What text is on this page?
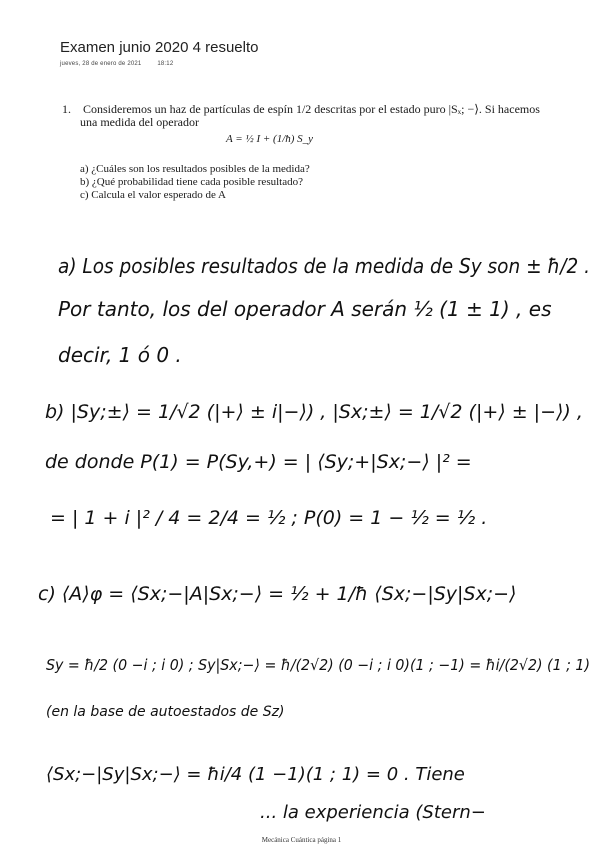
Examen junio 2020 4 resuelto
jueves, 28 de enero de 2021	18:12
1. Consideremos un haz de partículas de espín 1/2 descritas por el estado puro |Sₓ; −⟩. Si hacemos
una medida del operador
A = ½ I + (1/ħ) S_y
a) ¿Cuáles son los resultados posibles de la medida?
b) ¿Qué probabilidad tiene cada posible resultado?
c) Calcula el valor esperado de A
a) Los posibles resultados de la medida de Sy son ± ħ/2 .
Por tanto, los del operador A serán ½ (1 ± 1) , es
decir, 1 ó 0 .
b) |Sy;±⟩ = 1/√2 (|+⟩ ± i|−⟩) , |Sx;±⟩ = 1/√2 (|+⟩ ± |−⟩) ,
de donde P(1) = P(Sy,+) = | ⟨Sy;+|Sx;−⟩ |² =
= | 1 + i |² / 4 = 2/4 = ½ ; P(0) = 1 − ½ = ½ .
c) ⟨A⟩φ = ⟨Sx;−|A|Sx;−⟩ = ½ + 1/ħ ⟨Sx;−|Sy|Sx;−⟩
Sy = ħ/2 (0 −i ; i 0) ; Sy|Sx;−⟩ = ħ/(2√2) (0 −i ; i 0)(1 ; −1) = ħi/(2√2) (1 ; 1)
(en la base de autoestados de Sz)
⟨Sx;−|Sy|Sx;−⟩ = ħi/4 (1 −1)(1 ; 1) = 0 . Tiene
... la experiencia (Stern−
Mecánica Cuántica página 1
